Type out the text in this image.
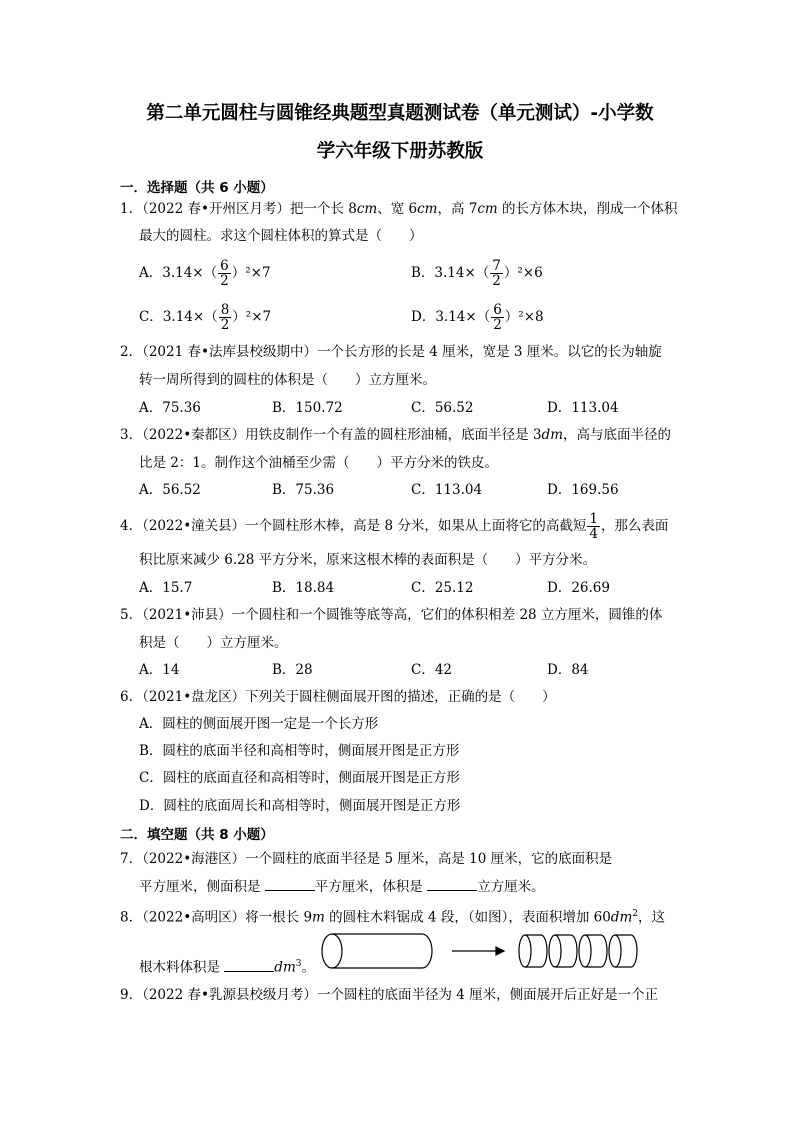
第二单元圆柱与圆锥经典题型真题测试卷（单元测试）-小学数
学六年级下册苏教版
一．选择题（共 6 小题）
1．（2022 春•开州区月考）把一个长 8cm、宽 6cm，高 7cm 的长方体木块，削成一个体积
最大的圆柱。求这个圆柱体积的算式是（　　）
A．$3.14\times( \frac{6}{2} )^2\times 7$	B．$3.14\times( \frac{7}{2} )^2\times 6$
C．$3.14\times( \frac{8}{2} )^2\times 7$	D．$3.14\times( \frac{6}{2} )^2\times 8$
2．（2021 春•法库县校级期中）一个长方形的长是 4 厘米，宽是 3 厘米。以它的长为轴旋
转一周所得到的圆柱的体积是（　　）立方厘米。
A．75.36	B．150.72	C．56.52	D．113.04
3．（2022•秦都区）用铁皮制作一个有盖的圆柱形油桶，底面半径是 3dm，高与底面半径的
比是 2：1。制作这个油桶至少需（　　）平方分米的铁皮。
A．56.52	B．75.36	C．113.04	D．169.56
4．（2022•潼关县）一个圆柱形木棒，高是 8 分米，如果从上面将它的高截短 $\frac{1}{4}$ ，那么表面
积比原来减少 6.28 平方分米，原来这根木棒的表面积是（　　）平方分米。
A．15.7	B．18.84	C．25.12	D．26.69
5．（2021•沛县）一个圆柱和一个圆锥等底等高，它们的体积相差 28 立方厘米，圆锥的体
积是（　　）立方厘米。
A．14	B．28	C．42	D．84
6．（2021•盘龙区）下列关于圆柱侧面展开图的描述，正确的是（　　）
A．圆柱的侧面展开图一定是一个长方形
B．圆柱的底面半径和高相等时，侧面展开图是正方形
C．圆柱的底面直径和高相等时，侧面展开图是正方形
D．圆柱的底面周长和高相等时，侧面展开图是正方形
二．填空题（共 8 小题）
7．（2022•海港区）一个圆柱的底面半径是 5 厘米，高是 10 厘米，它的底面积是
平方厘米，侧面积是	平方厘米，体积是	立方厘米。
8．（2022•高明区）将一根长 9m 的圆柱木料锯成 4 段，（如图），表面积增加 $60dm^2$，这
根木料体积是	$dm^3$。
9．（2022 春•乳源县校级月考）一个圆柱的底面半径为 4 厘米，侧面展开后正好是一个正
